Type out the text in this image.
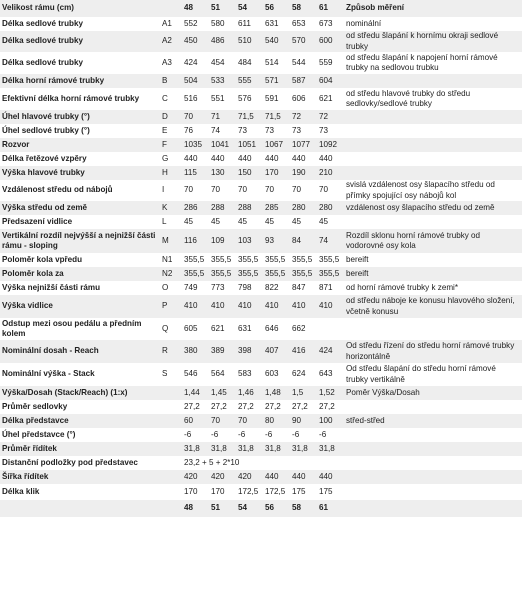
Velikost rámu (cm)		48	51	54	56	58	61	Způsob měření
Délka sedlové trubky	A1	552	580	611	631	653	673	nominální
Délka sedlové trubky	A2	450	486	510	540	570	600	od středu šlapání k hornímu okraji sedlové trubky
Délka sedlové trubky	A3	424	454	484	514	544	559	od středu šlapání k napojení horní rámové trubky na sedlovou trubku
Délka horní rámové trubky	B	504	533	555	571	587	604	
Efektivní délka horní rámové trubky	C	516	551	576	591	606	621	od středu hlavové trubky do středu sedlovky/sedlové trubky
Úhel hlavové trubky (°)	D	70	71	71,5	71,5	72	72	
Úhel sedlové trubky (°)	E	76	74	73	73	73	73	
Rozvor	F	1035	1041	1051	1067	1077	1092	
Délka řetězové vzpěry	G	440	440	440	440	440	440	
Výška hlavové trubky	H	115	130	150	170	190	210	
Vzdálenost středu od nábojů	I	70	70	70	70	70	70	svislá vzdálenost osy šlapacího středu od přímky spojující osy nábojů kol
Výška středu od země	K	286	288	288	285	280	280	vzdálenost osy šlapacího středu od země
Předsazení vidlice	L	45	45	45	45	45	45	
Vertikální rozdíl nejvýšší a nejnižší části rámu - sloping	M	116	109	103	93	84	74	Rozdíl sklonu horní rámové trubky od vodorovné osy kola
Poloměr kola vpředu	N1	355,5	355,5	355,5	355,5	355,5	355,5	bereift
Poloměr kola za	N2	355,5	355,5	355,5	355,5	355,5	355,5	bereift
Výška nejnižší části rámu	O	749	773	798	822	847	871	od horní rámové trubky k zemi*
Výška vidlice	P	410	410	410	410	410	410	od středu náboje ke konusu hlavového složení, včetně konusu
Odstup mezi osou pedálu a předním kolem	Q	605	621	631	646	662		
Nominální dosah - Reach	R	380	389	398	407	416	424	Od středu řízení do středu horní rámové trubky horizontálně
Nominální výška - Stack	S	546	564	583	603	624	643	Od středu šlapání do středu horní rámové trubky vertikálně
Výška/Dosah (Stack/Reach) (1:x)		1,44	1,45	1,46	1,48	1,5	1,52	Poměr Výška/Dosah
Průměr sedlovky		27,2	27,2	27,2	27,2	27,2	27,2	
Délka představce		60	70	70	80	90	100	střed-střed
Úhel představce (°)		-6	-6	-6	-6	-6	-6	
Průměr řídítek		31,8	31,8	31,8	31,8	31,8	31,8	
Distanční podložky pod představec		23,2 + 5 + 2*10						
Šířka řídítek		420	420	420	440	440	440	
Délka klik		170	170	172,5	172,5	175	175	
		48	51	54	56	58	61	
